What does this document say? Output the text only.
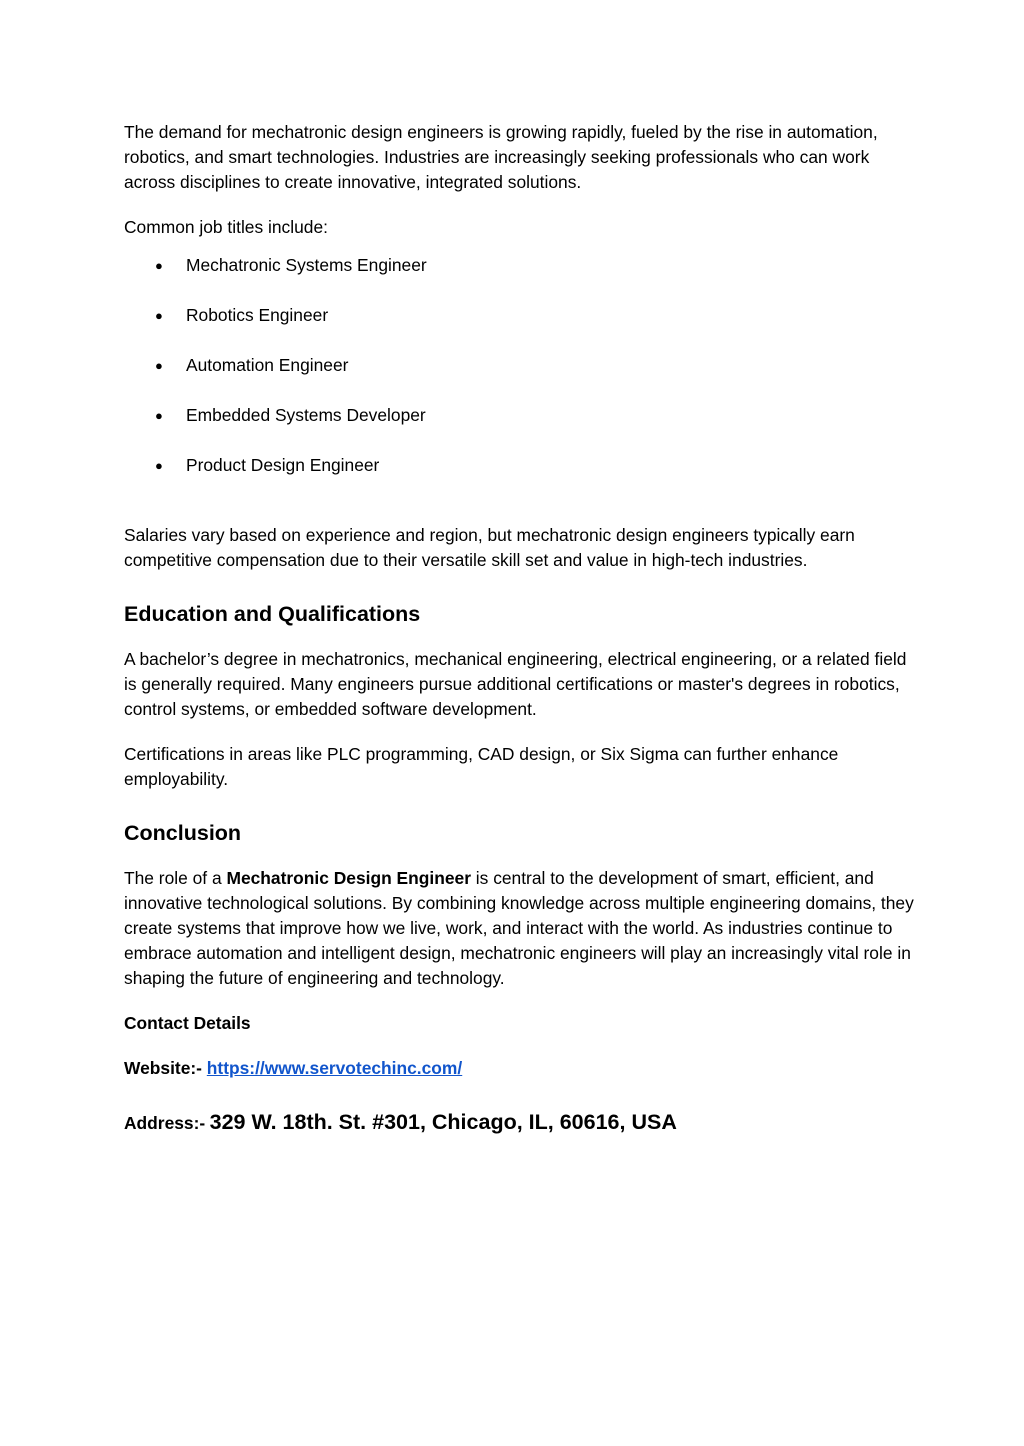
The demand for mechatronic design engineers is growing rapidly, fueled by the rise in automation, robotics, and smart technologies. Industries are increasingly seeking professionals who can work across disciplines to create innovative, integrated solutions.

Common job titles include:

● Mechatronic Systems Engineer
● Robotics Engineer
● Automation Engineer
● Embedded Systems Developer
● Product Design Engineer

Salaries vary based on experience and region, but mechatronic design engineers typically earn competitive compensation due to their versatile skill set and value in high-tech industries.

Education and Qualifications

A bachelor’s degree in mechatronics, mechanical engineering, electrical engineering, or a related field is generally required. Many engineers pursue additional certifications or master's degrees in robotics, control systems, or embedded software development.

Certifications in areas like PLC programming, CAD design, or Six Sigma can further enhance employability.

Conclusion

The role of a Mechatronic Design Engineer is central to the development of smart, efficient, and innovative technological solutions. By combining knowledge across multiple engineering domains, they create systems that improve how we live, work, and interact with the world. As industries continue to embrace automation and intelligent design, mechatronic engineers will play an increasingly vital role in shaping the future of engineering and technology.

Contact Details
Website:- https://www.servotechinc.com/
Address:- 329 W. 18th. St. #301, Chicago, IL, 60616, USA
